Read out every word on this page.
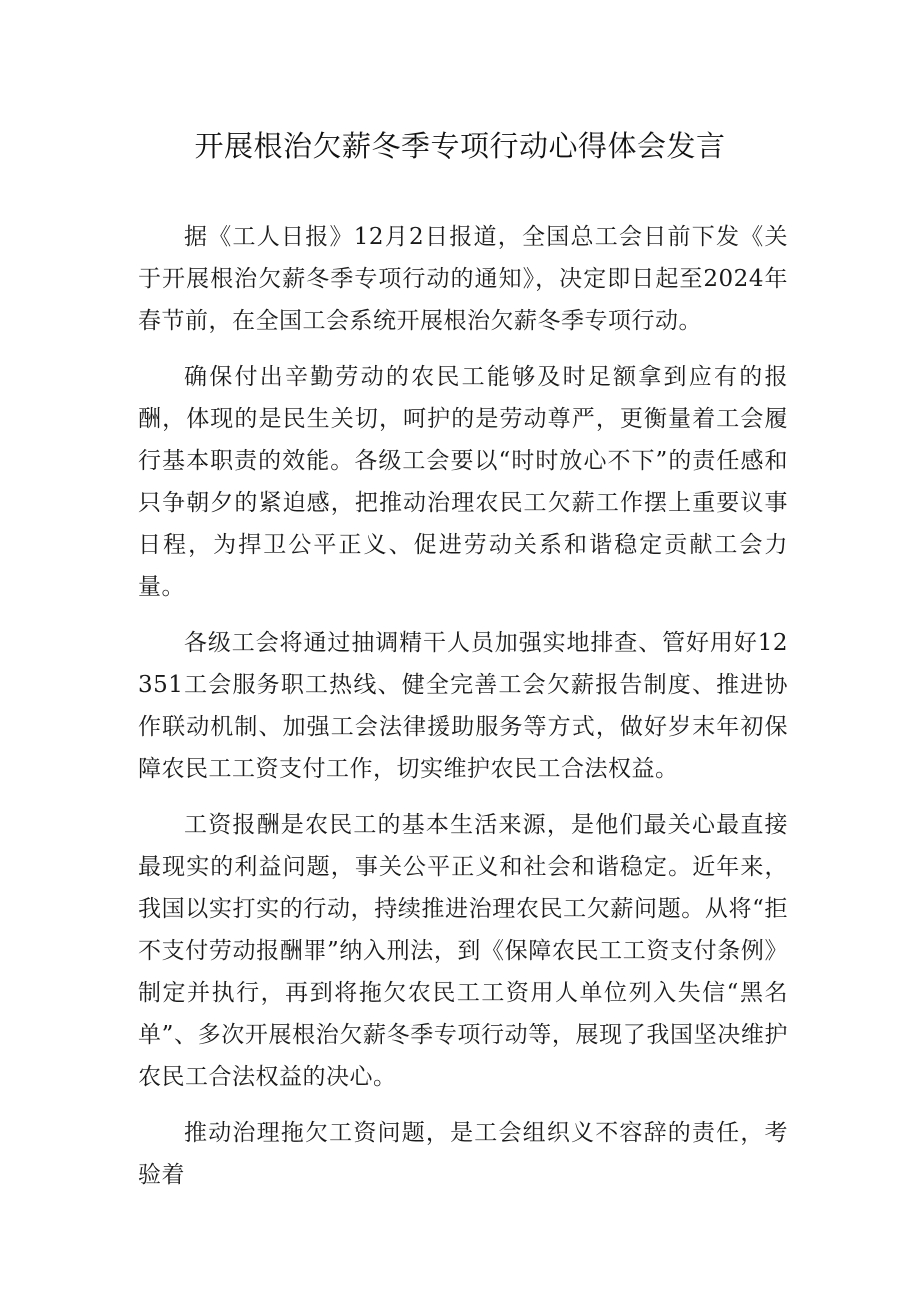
开展根治欠薪冬季专项行动心得体会发言

据《工人日报》12月2日报道，全国总工会日前下发《关于开展根治欠薪冬季专项行动的通知》，决定即日起至2024年春节前，在全国工会系统开展根治欠薪冬季专项行动。

确保付出辛勤劳动的农民工能够及时足额拿到应有的报酬，体现的是民生关切，呵护的是劳动尊严，更衡量着工会履行基本职责的效能。各级工会要以“时时放心不下”的责任感和只争朝夕的紧迫感，把推动治理农民工欠薪工作摆上重要议事日程，为捍卫公平正义、促进劳动关系和谐稳定贡献工会力量。

各级工会将通过抽调精干人员加强实地排查、管好用好12351工会服务职工热线、健全完善工会欠薪报告制度、推进协作联动机制、加强工会法律援助服务等方式，做好岁末年初保障农民工工资支付工作，切实维护农民工合法权益。

工资报酬是农民工的基本生活来源，是他们最关心最直接最现实的利益问题，事关公平正义和社会和谐稳定。近年来，我国以实打实的行动，持续推进治理农民工欠薪问题。从将“拒不支付劳动报酬罪”纳入刑法，到《保障农民工工资支付条例》制定并执行，再到将拖欠农民工工资用人单位列入失信“黑名单”、多次开展根治欠薪冬季专项行动等，展现了我国坚决维护农民工合法权益的决心。

推动治理拖欠工资问题，是工会组织义不容辞的责任，考验着
